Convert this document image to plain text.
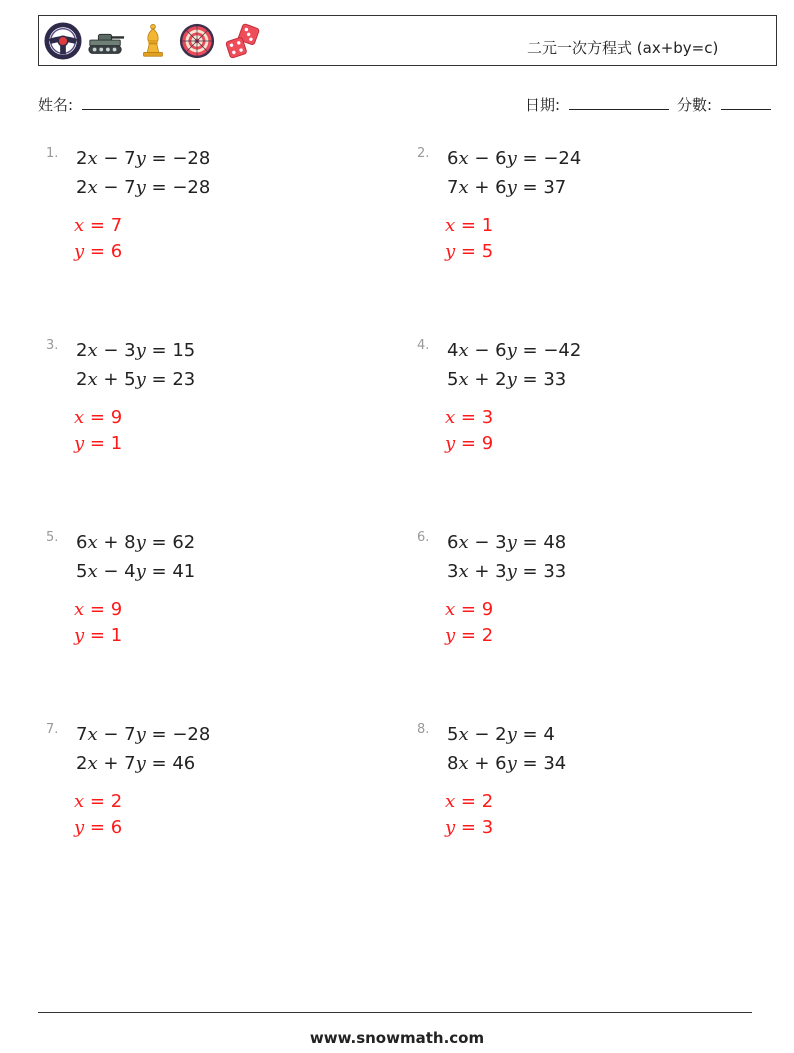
二元一次方程式 (ax+by=c)
姓名:	日期:	分數:
1. 2x − 7y = −28
2x − 7y = −28
x = 7
y = 6
2. 6x − 6y = −24
7x + 6y = 37
x = 1
y = 5
3. 2x − 3y = 15
2x + 5y = 23
x = 9
y = 1
4. 4x − 6y = −42
5x + 2y = 33
x = 3
y = 9
5. 6x + 8y = 62
5x − 4y = 41
x = 9
y = 1
6. 6x − 3y = 48
3x + 3y = 33
x = 9
y = 2
7. 7x − 7y = −28
2x + 7y = 46
x = 2
y = 6
8. 5x − 2y = 4
8x + 6y = 34
x = 2
y = 3
www.snowmath.com
